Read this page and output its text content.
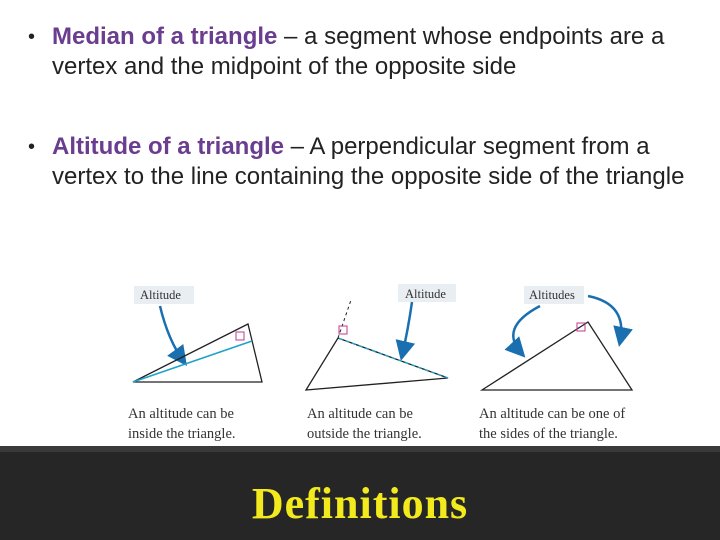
• Median of a triangle – a segment whose endpoints are a vertex and the midpoint of the opposite side
• Altitude of a triangle – A perpendicular segment from a vertex to the line containing the opposite side of the triangle
Altitude	Altitude	Altitudes
An altitude can be
inside the triangle.
An altitude can be
outside the triangle.
An altitude can be one of
the sides of the triangle.
Definitions
